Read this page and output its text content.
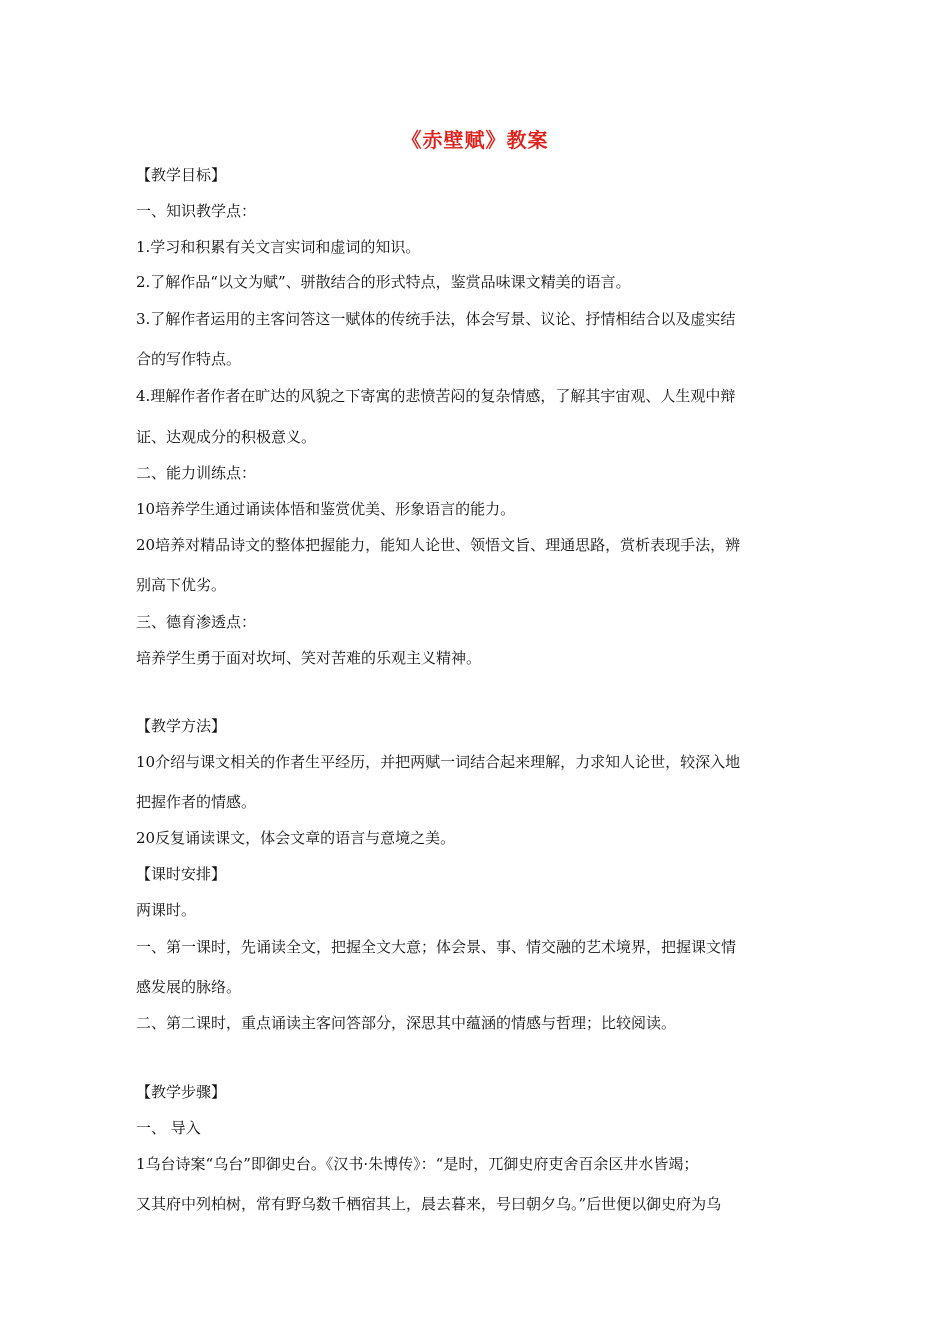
《赤壁赋》教案
【教学目标】
一、知识教学点：
1.学习和积累有关文言实词和虚词的知识。
2.了解作品“以文为赋”、骈散结合的形式特点，鉴赏品味课文精美的语言。
3.了解作者运用的主客问答这一赋体的传统手法，体会写景、议论、抒情相结合以及虚实结
合的写作特点。
4.理解作者作者在旷达的风貌之下寄寓的悲愤苦闷的复杂情感，了解其宇宙观、人生观中辩
证、达观成分的积极意义。
二、能力训练点：
10培养学生通过诵读体悟和鉴赏优美、形象语言的能力。
20培养对精品诗文的整体把握能力，能知人论世、领悟文旨、理通思路，赏析表现手法，辨
别高下优劣。
三、德育渗透点：
培养学生勇于面对坎坷、笑对苦难的乐观主义精神。
【教学方法】
10介绍与课文相关的作者生平经历，并把两赋一词结合起来理解，力求知人论世，较深入地
把握作者的情感。
20反复诵读课文，体会文章的语言与意境之美。
【课时安排】
两课时。
一、第一课时，先诵读全文，把握全文大意；体会景、事、情交融的艺术境界，把握课文情
感发展的脉络。
二、第二课时，重点诵读主客问答部分，深思其中蕴涵的情感与哲理；比较阅读。
【教学步骤】
一、 导入
1乌台诗案“乌台”即御史台。《汉书·朱博传》：“是时，兀御史府吏舍百余区井水皆竭；
又其府中列柏树，常有野乌数千栖宿其上，晨去暮来，号曰朝夕乌。”后世便以御史府为乌
